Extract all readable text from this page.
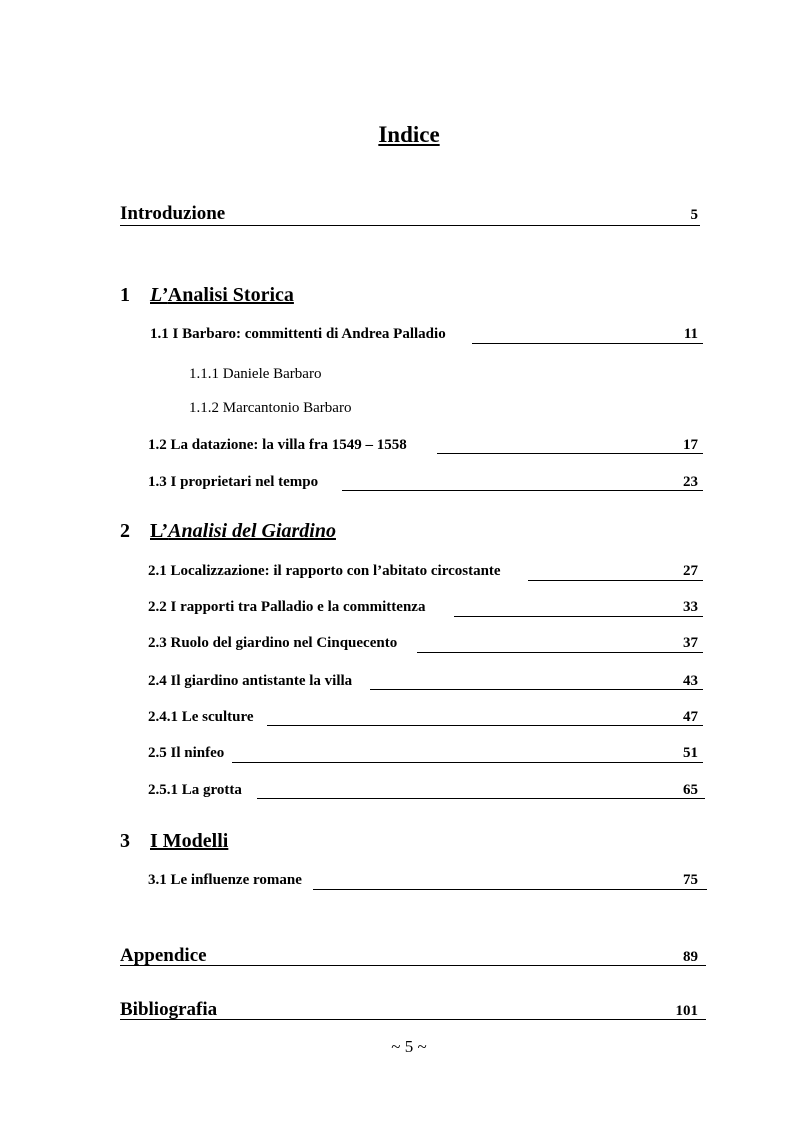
Indice
Introduzione	5
1 L’Analisi Storica
1.1 I Barbaro: committenti di Andrea Palladio	11
1.1.1 Daniele Barbaro
1.1.2 Marcantonio Barbaro
1.2 La datazione: la villa fra 1549 – 1558	17
1.3 I proprietari nel tempo	23
2 L’Analisi del Giardino
2.1 Localizzazione: il rapporto con l’abitato circostante	27
2.2 I rapporti tra Palladio e la committenza	33
2.3 Ruolo del giardino nel Cinquecento	37
2.4 Il giardino antistante la villa	43
2.4.1 Le sculture	47
2.5 Il ninfeo	51
2.5.1 La grotta	65
3 I Modelli
3.1 Le influenze romane	75
Appendice	89
Bibliografia	101
~ 5 ~
